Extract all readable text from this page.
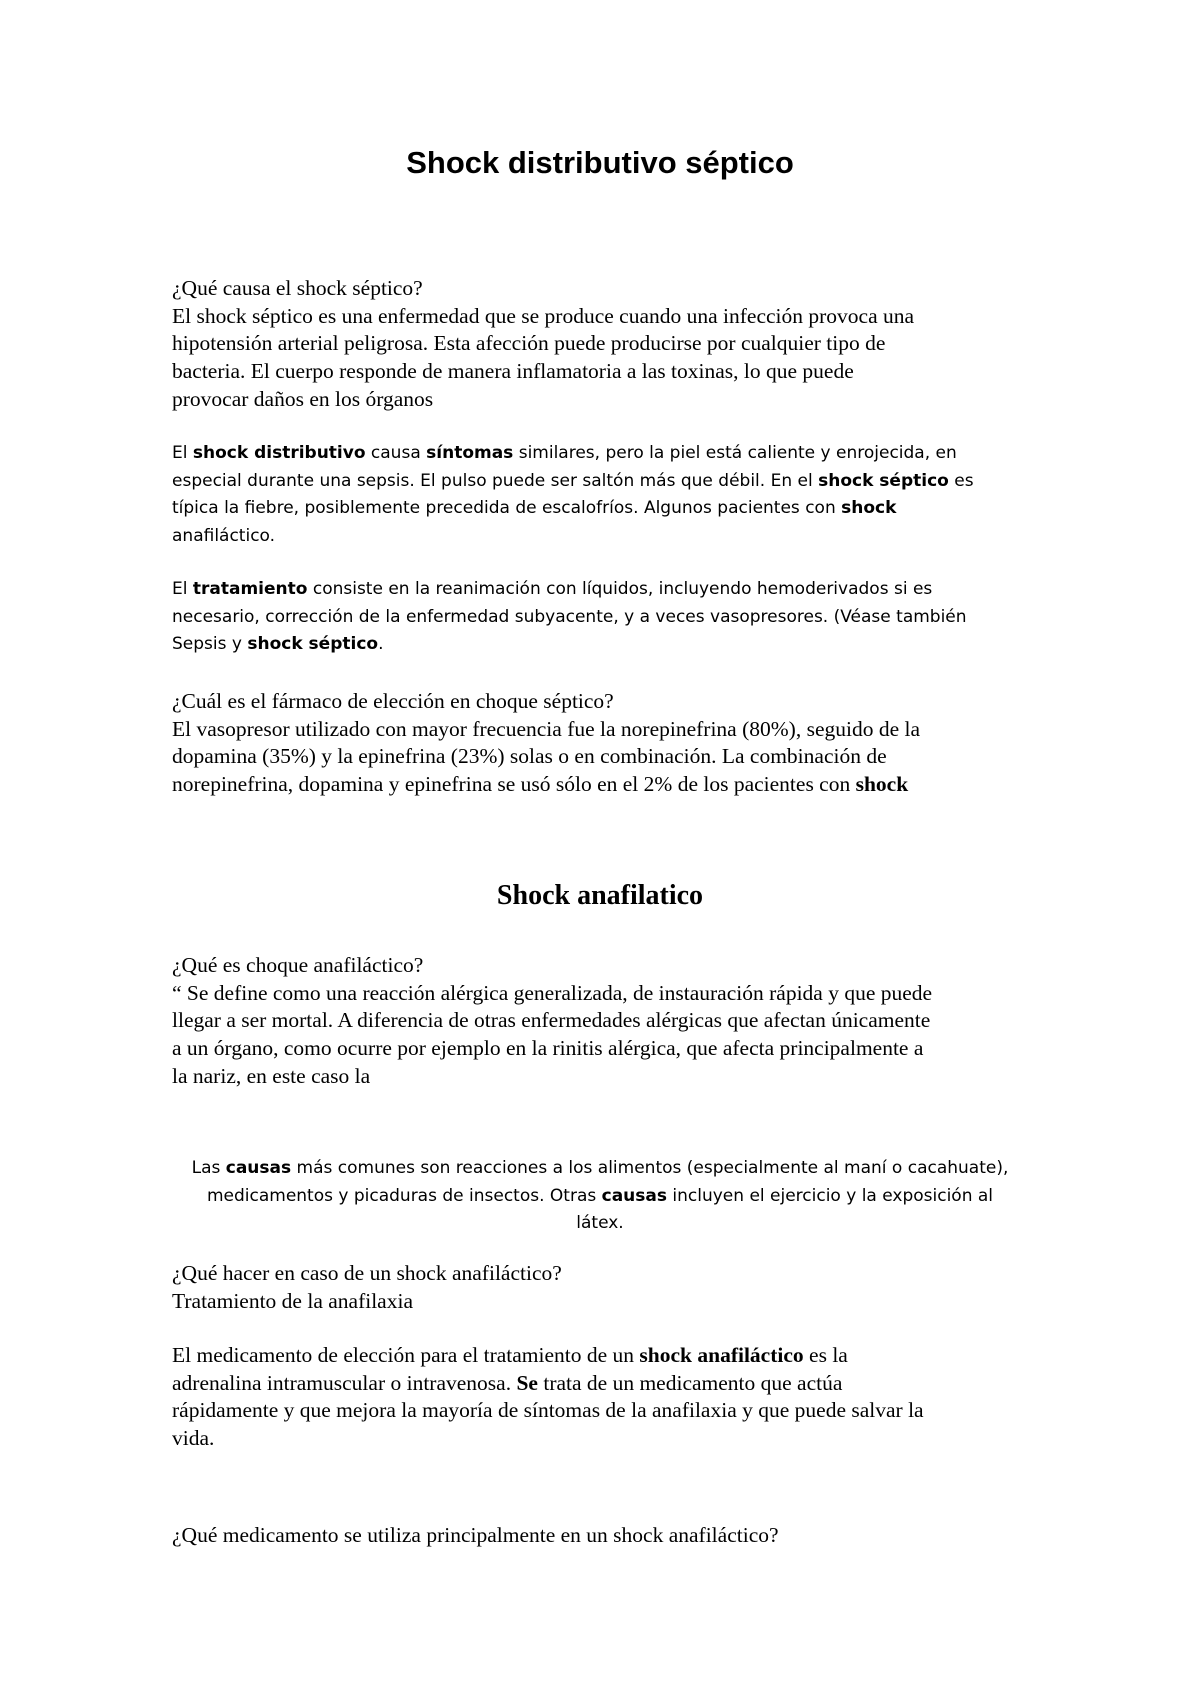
Shock distributivo séptico
¿Qué causa el shock séptico?
El shock séptico es una enfermedad que se produce cuando una infección provoca una
hipotensión arterial peligrosa. Esta afección puede producirse por cualquier tipo de
bacteria. El cuerpo responde de manera inflamatoria a las toxinas, lo que puede
provocar daños en los órganos
El shock distributivo causa síntomas similares, pero la piel está caliente y enrojecida, en
especial durante una sepsis. El pulso puede ser saltón más que débil. En el shock séptico es
típica la fiebre, posiblemente precedida de escalofríos. Algunos pacientes con shock
anafiláctico.
El tratamiento consiste en la reanimación con líquidos, incluyendo hemoderivados si es
necesario, corrección de la enfermedad subyacente, y a veces vasopresores. (Véase también
Sepsis y shock séptico.
¿Cuál es el fármaco de elección en choque séptico?
El vasopresor utilizado con mayor frecuencia fue la norepinefrina (80%), seguido de la
dopamina (35%) y la epinefrina (23%) solas o en combinación. La combinación de
norepinefrina, dopamina y epinefrina se usó sólo en el 2% de los pacientes con shock
Shock anafilatico
¿Qué es choque anafiláctico?
“ Se define como una reacción alérgica generalizada, de instauración rápida y que puede
llegar a ser mortal. A diferencia de otras enfermedades alérgicas que afectan únicamente
a un órgano, como ocurre por ejemplo en la rinitis alérgica, que afecta principalmente a
la nariz, en este caso la
Las causas más comunes son reacciones a los alimentos (especialmente al maní o cacahuate),
medicamentos y picaduras de insectos. Otras causas incluyen el ejercicio y la exposición al
látex.
¿Qué hacer en caso de un shock anafiláctico?
Tratamiento de la anafilaxia
El medicamento de elección para el tratamiento de un shock anafiláctico es la
adrenalina intramuscular o intravenosa. Se trata de un medicamento que actúa
rápidamente y que mejora la mayoría de síntomas de la anafilaxia y que puede salvar la
vida.
¿Qué medicamento se utiliza principalmente en un shock anafiláctico?
